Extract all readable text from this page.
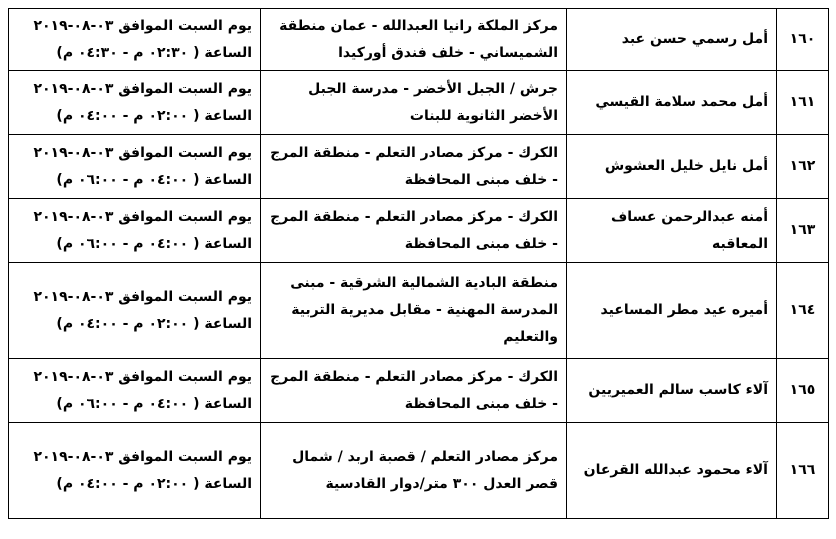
١٦٠	أمل رسمي حسن عبد	مركز الملكة رانيا العبدالله - عمان منطقة الشميساني - خلف فندق أوركيدا	يوم السبت الموافق ٠٣-٠٨-٢٠١٩
الساعة ( ٠٢:٣٠ م - ٠٤:٣٠ م)

١٦١	أمل محمد سلامة القيسي	جرش / الجبل الأخضر - مدرسة الجبل الأخضر الثانوية للبنات	يوم السبت الموافق ٠٣-٠٨-٢٠١٩
الساعة ( ٠٢:٠٠ م - ٠٤:٠٠ م)

١٦٢	أمل نايل خليل العشوش	الكرك - مركز مصادر التعلم - منطقة المرج - خلف مبنى المحافظة	يوم السبت الموافق ٠٣-٠٨-٢٠١٩
الساعة ( ٠٤:٠٠ م - ٠٦:٠٠ م)

١٦٣	أمنه عبدالرحمن عساف المعاقبه	الكرك - مركز مصادر التعلم - منطقة المرج - خلف مبنى المحافظة	يوم السبت الموافق ٠٣-٠٨-٢٠١٩
الساعة ( ٠٤:٠٠ م - ٠٦:٠٠ م)

١٦٤	أميره عيد مطر المساعيد	منطقة البادية الشمالية الشرقية - مبنى المدرسة المهنية - مقابل مديرية التربية والتعليم	يوم السبت الموافق ٠٣-٠٨-٢٠١٩
الساعة ( ٠٢:٠٠ م - ٠٤:٠٠ م)

١٦٥	آلاء كاسب سالم العميريين	الكرك - مركز مصادر التعلم - منطقة المرج - خلف مبنى المحافظة	يوم السبت الموافق ٠٣-٠٨-٢٠١٩
الساعة ( ٠٤:٠٠ م - ٠٦:٠٠ م)

١٦٦	آلاء محمود عبدالله القرعان	مركز مصادر التعلم / قصبة اربد / شمال قصر العدل ٣٠٠ متر/دوار القادسية	يوم السبت الموافق ٠٣-٠٨-٢٠١٩
الساعة ( ٠٢:٠٠ م - ٠٤:٠٠ م)
